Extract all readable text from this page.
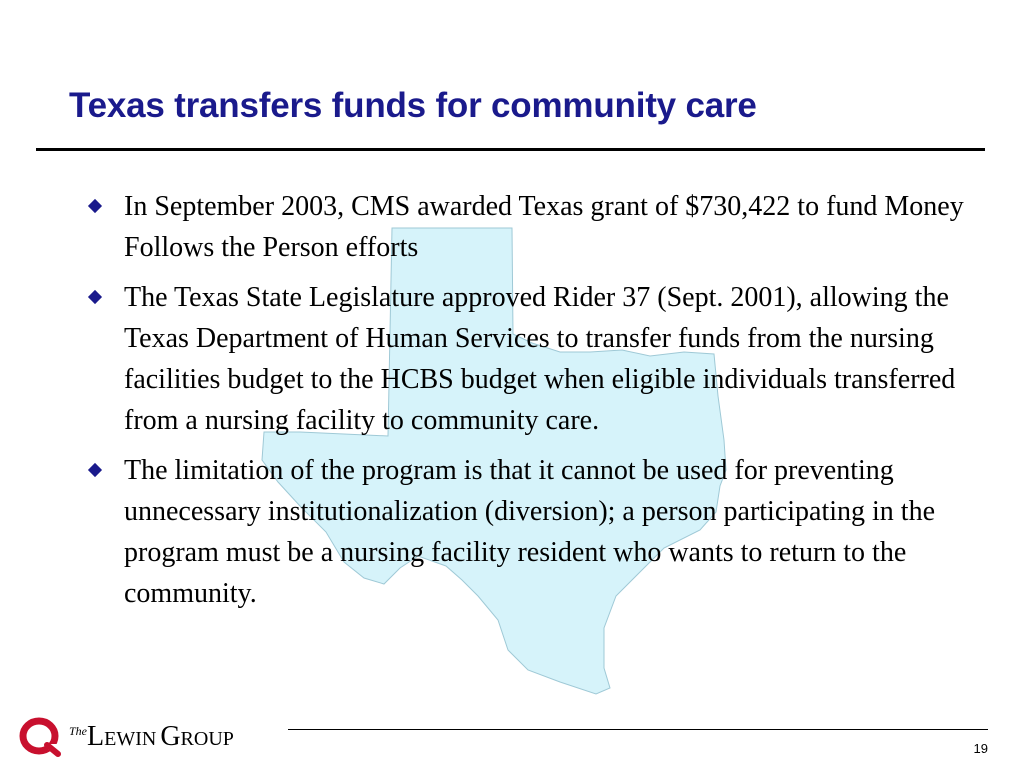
Texas transfers funds for community care
In September 2003, CMS awarded Texas grant of $730,422 to fund Money Follows the Person efforts
The Texas State Legislature approved Rider 37 (Sept. 2001), allowing the Texas Department of Human Services to transfer funds from the nursing facilities budget to the HCBS budget when eligible individuals transferred from a nursing facility to community care.
The limitation of the program is that it cannot be used for preventing unnecessary institutionalization (diversion); a person participating in the program must be a nursing facility resident who wants to return to the community.
$^{The}$LEWIN GROUP	19
